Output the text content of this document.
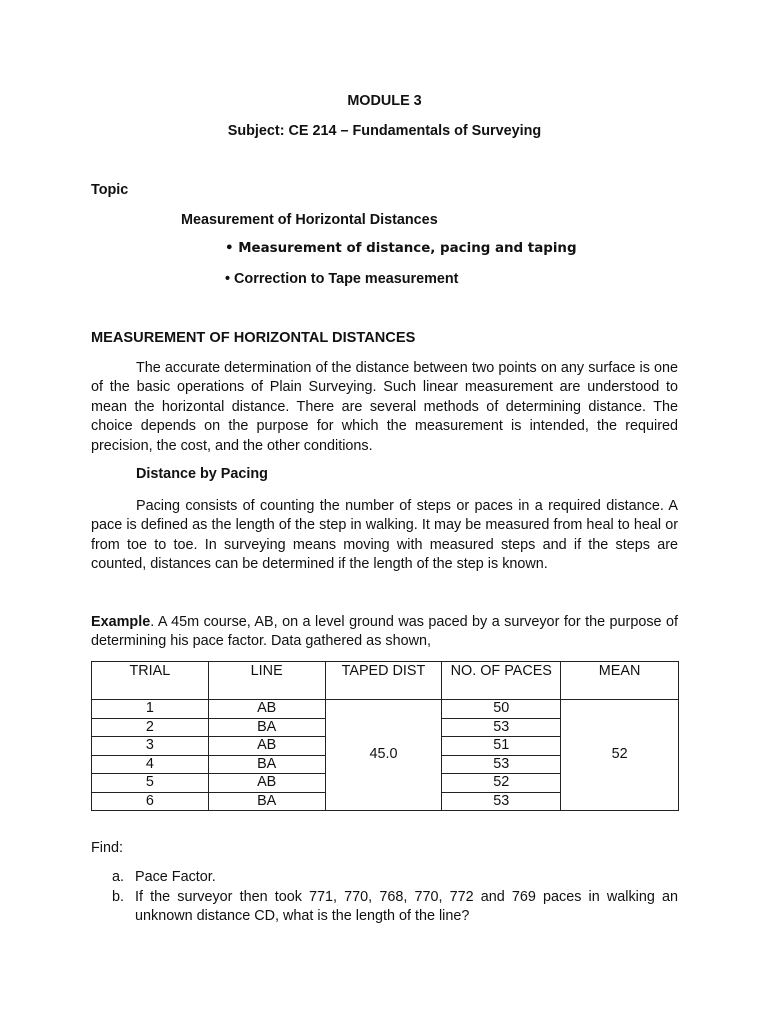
MODULE 3
Subject: CE 214 – Fundamentals of Surveying
Topic
Measurement of Horizontal Distances
• Measurement of distance, pacing and taping
• Correction to Tape measurement
MEASUREMENT OF HORIZONTAL DISTANCES
The accurate determination of the distance between two points on any surface is one of the basic operations of Plain Surveying. Such linear measurement are understood to mean the horizontal distance. There are several methods of determining distance. The choice depends on the purpose for which the measurement is intended, the required precision, the cost, and the other conditions.
Distance by Pacing
Pacing consists of counting the number of steps or paces in a required distance. A pace is defined as the length of the step in walking. It may be measured from heal to heal or from toe to toe. In surveying means moving with measured steps and if the steps are counted, distances can be determined if the length of the step is known.
Example. A 45m course, AB, on a level ground was paced by a surveyor for the purpose of determining his pace factor. Data gathered as shown,
TRIAL	LINE	TAPED DIST	NO. OF PACES	MEAN
1	AB	45.0	50	52
2	BA		53	
3	AB		51	
4	BA		53	
5	AB		52	
6	BA		53	
Find:
a. Pace Factor.
b. If the surveyor then took 771, 770, 768, 770, 772 and 769 paces in walking an unknown distance CD, what is the length of the line?
